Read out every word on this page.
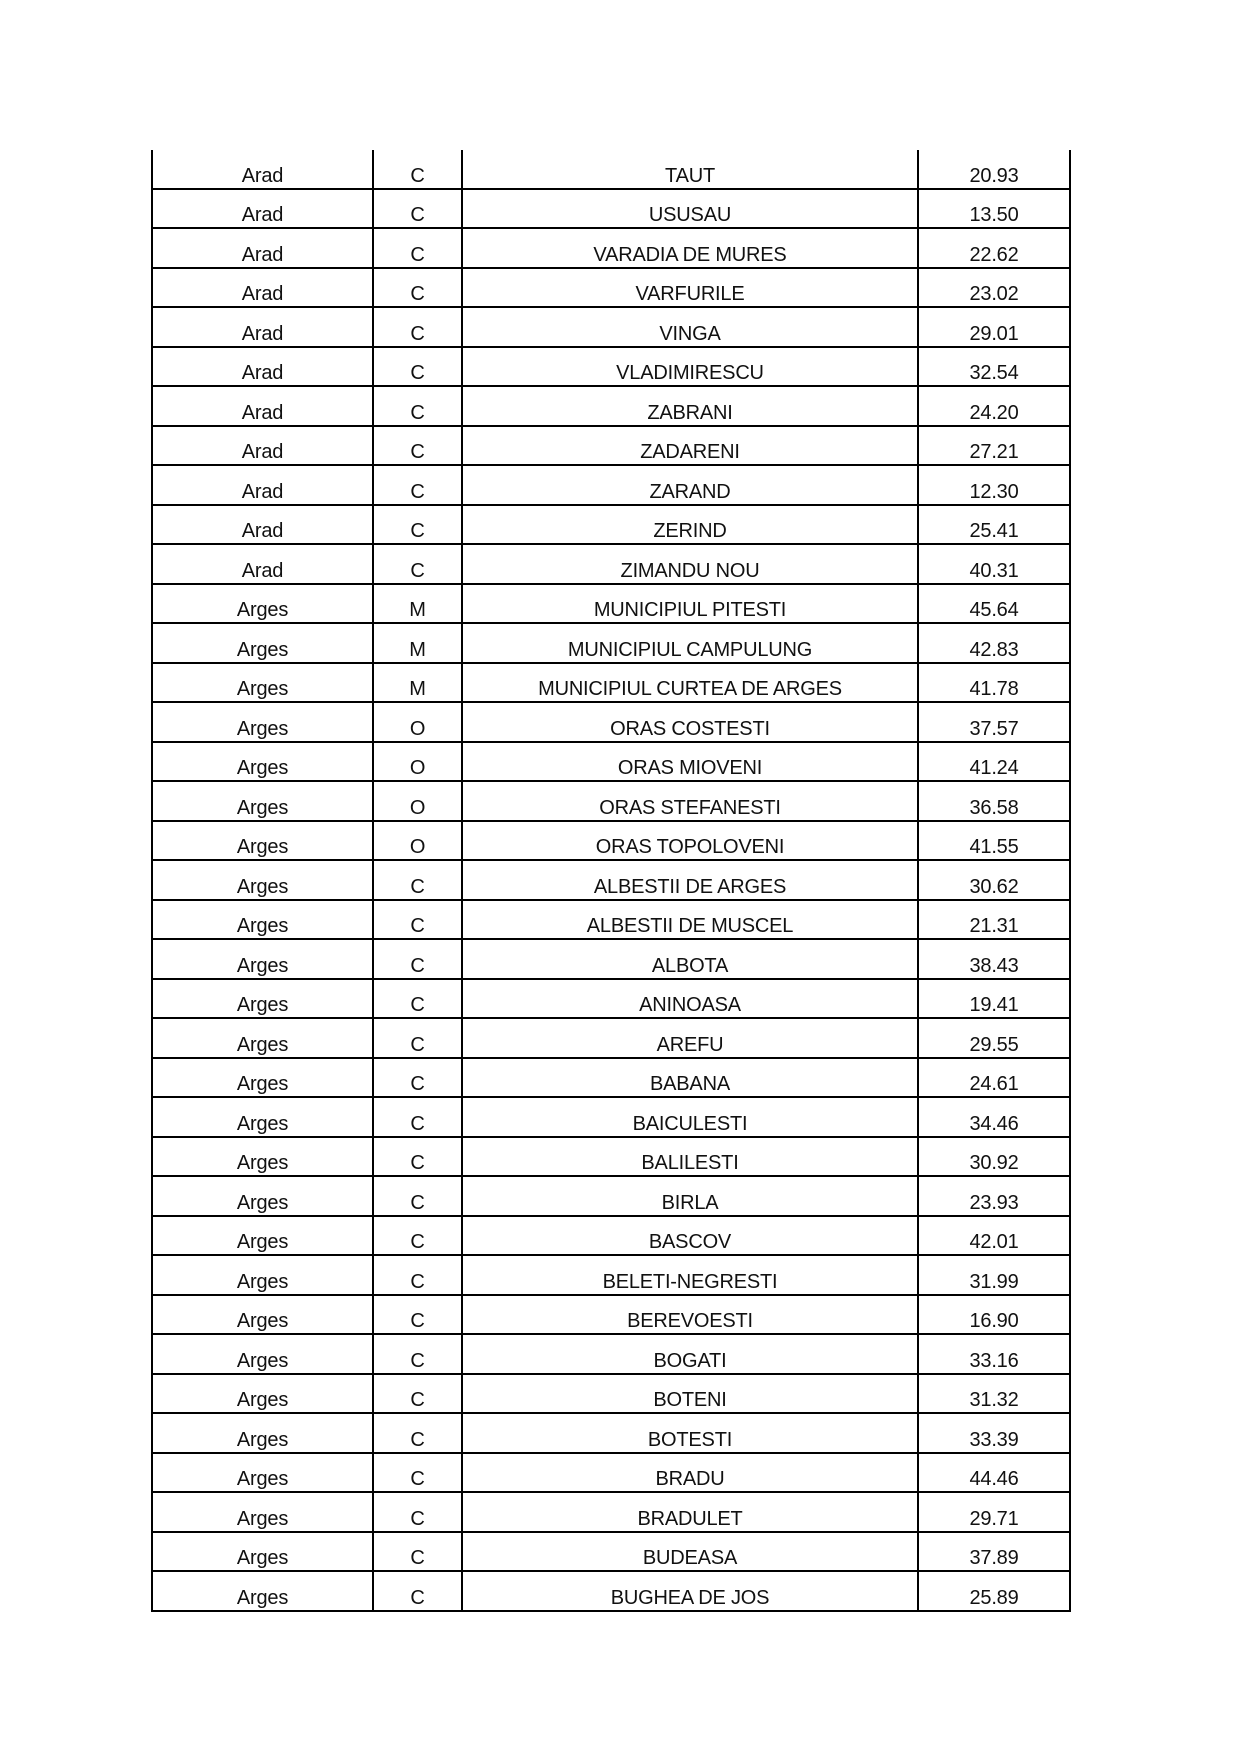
Arad	C	TAUT	20.93
Arad	C	USUSAU	13.50
Arad	C	VARADIA DE MURES	22.62
Arad	C	VARFURILE	23.02
Arad	C	VINGA	29.01
Arad	C	VLADIMIRESCU	32.54
Arad	C	ZABRANI	24.20
Arad	C	ZADARENI	27.21
Arad	C	ZARAND	12.30
Arad	C	ZERIND	25.41
Arad	C	ZIMANDU NOU	40.31
Arges	M	MUNICIPIUL PITESTI	45.64
Arges	M	MUNICIPIUL CAMPULUNG	42.83
Arges	M	MUNICIPIUL CURTEA DE ARGES	41.78
Arges	O	ORAS COSTESTI	37.57
Arges	O	ORAS MIOVENI	41.24
Arges	O	ORAS STEFANESTI	36.58
Arges	O	ORAS TOPOLOVENI	41.55
Arges	C	ALBESTII DE ARGES	30.62
Arges	C	ALBESTII DE MUSCEL	21.31
Arges	C	ALBOTA	38.43
Arges	C	ANINOASA	19.41
Arges	C	AREFU	29.55
Arges	C	BABANA	24.61
Arges	C	BAICULESTI	34.46
Arges	C	BALILESTI	30.92
Arges	C	BIRLA	23.93
Arges	C	BASCOV	42.01
Arges	C	BELETI-NEGRESTI	31.99
Arges	C	BEREVOESTI	16.90
Arges	C	BOGATI	33.16
Arges	C	BOTENI	31.32
Arges	C	BOTESTI	33.39
Arges	C	BRADU	44.46
Arges	C	BRADULET	29.71
Arges	C	BUDEASA	37.89
Arges	C	BUGHEA DE JOS	25.89
